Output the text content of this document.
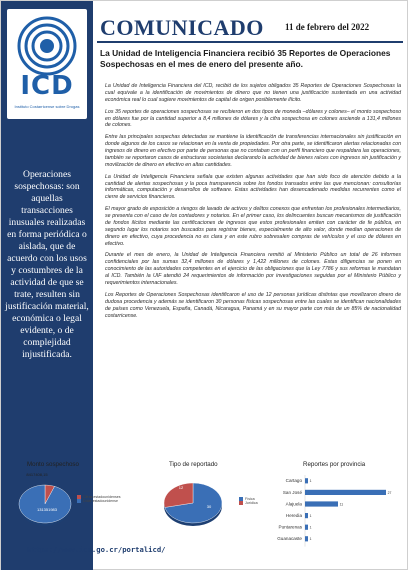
ICD
Instituto Costarricense sobre Drogas
Operaciones sospechosas: son aquellas transacciones inusuales realizadas en forma periódica o aislada, que de acuerdo con los usos y costumbres de la actividad de que se trate, resulten sin justificación material, económica o legal evidente, o de complejidad injustificada.
COMUNICADO 11 de febrero del 2022
La Unidad de Inteligencia Financiera recibió 35 Reportes de Operaciones Sospechosas en el mes de enero del presente año.

La Unidad de Inteligencia Financiera del ICD, recibió de los sujetos obligados 35 Reportes de Operaciones Sospechosas la cual equivale a la identificación de movimientos de dinero que no tienen una justificación sustentada en una actividad económica real lo cual sugiere movimientos de capital de origen posiblemente ilícito.

Los 35 reportes de operaciones sospechosas se recibieron en dos tipos de moneda –dólares y colones– el monto sospechoso en dólares fue por la cantidad superior a 8,4 millones de dólares y la cifra sospechosa en colones asciende a 131,4 millones de colones.

Entre las principales sospechas detectadas se mantiene la identificación de transferencias internacionales sin justificación en donde algunos de los casos se relacionan en la venta de propiedades. Por otra parte, se identificaron alertas relacionadas con ingresos de dinero en efectivo por parte de personas que no contaban con un perfil financiero que respaldara las operaciones, también se reportaron casos de estructuras societarias declarando la actividad de bienes raíces con ingresos sin justificación y movilización de dinero en efectivo en altas cantidades.

La Unidad de Inteligencia Financiera señala que existen algunas actividades que han sido foco de atención debido a la cantidad de alertas sospechosas y la poca transparencia sobre los fondos transados entre las que mencionan: consultorías informáticas, computación y desarrollos de software. Estas actividades han desencadenado medidas recurrentes como el cierre de servicios financieros.

El mayor grado de exposición a riesgos de lavado de activos y delitos conexos que enfrentan los profesionales intermediarios, se presenta con el caso de los contadores y notarios. En el primer caso, los delincuentes buscan mecanismos de justificación de fondos ilícitos mediante las certificaciones de ingresos que estos profesionales emiten con carácter de fe pública, en segundo lugar los notarios son buscados para registrar bienes, especialmente de alto valor, donde median operaciones de dinero en efectivo, cuya procedencia no es clara y en este rubro sobresalen compras de vehículos y el uso de dólares en efectivo.

Durante el mes de enero, la Unidad de Inteligencia Financiera remitió al Ministerio Público un total de 26 informes confidenciales por las sumas 32,4 millones de dólares y 1,422 millones de colones. Estas diligencias se ponen en conocimiento de las autoridades competentes en el ejercicio de las obligaciones que la Ley 7786 y sus reformas le mandatan al ICD. También la UIF atendió 24 requerimientos de información por investigaciones seguidas por el Ministerio Público y requerimientos internacionales.

Los Reportes de Operaciones Sospechosas identificaron el uso de 12 personas jurídicas distintas que movilizaron dinero de dudosa procedencia y además se identificaron 30 personas físicas sospechosas entre las cuales se identifican nacionalidades de países como Venezuela, España, Canadá, Nicaragua, Panamá y en su mayor parte con más de un 85% de nacionalidad costarricense.

Monto sospechoso
8417408,15
131351983
Cifras estadounidenses
Dólar estadounidense
Tipo de reportado
30
12
Física
Jurídica
Reportes por provincia
Cartago 1
San José	27
Alajuela	11
Heredia 1
Puntarenas 1
Guanacaste 1
https://www.icd.go.cr/portalicd/
